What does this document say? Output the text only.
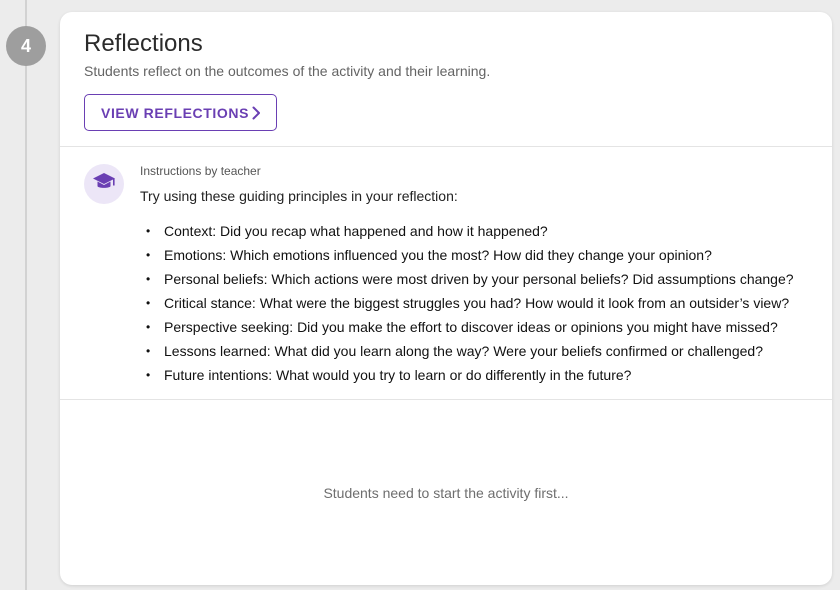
4 Reflections
Students reflect on the outcomes of the activity and their learning.
VIEW REFLECTIONS
Instructions by teacher
Try using these guiding principles in your reflection:
• Context: Did you recap what happened and how it happened?
• Emotions: Which emotions influenced you the most? How did they change your opinion?
• Personal beliefs: Which actions were most driven by your personal beliefs? Did assumptions change?
• Critical stance: What were the biggest struggles you had? How would it look from an outsider’s view?
• Perspective seeking: Did you make the effort to discover ideas or opinions you might have missed?
• Lessons learned: What did you learn along the way? Were your beliefs confirmed or challenged?
• Future intentions: What would you try to learn or do differently in the future?
Students need to start the activity first...
